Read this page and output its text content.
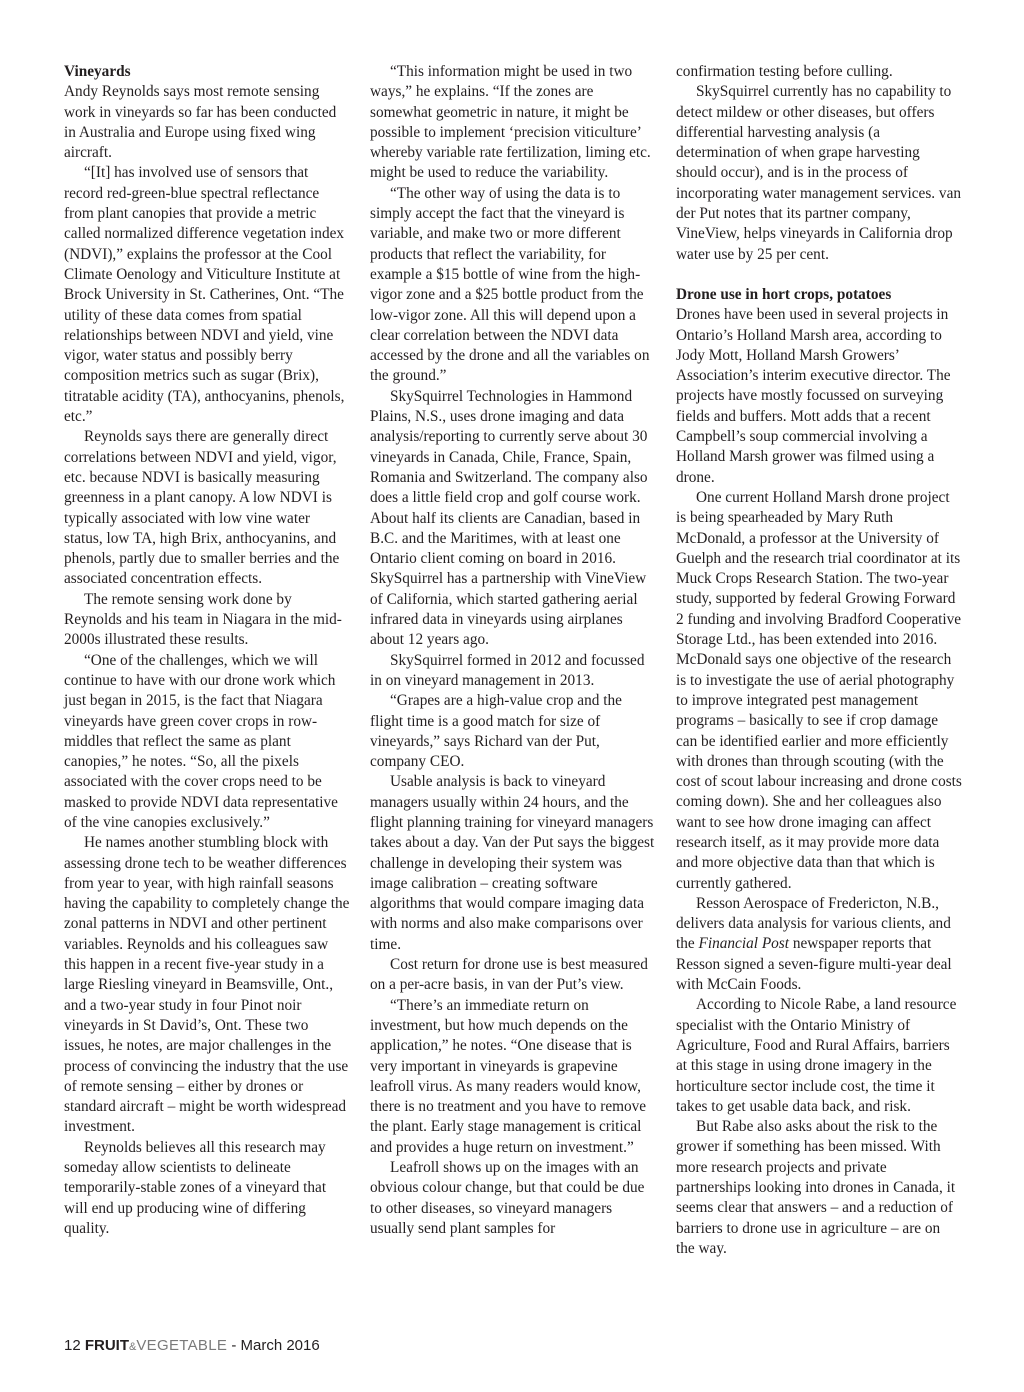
Vineyards

Andy Reynolds says most remote sensing work in vineyards so far has been conducted in Australia and Europe using fixed wing aircraft.

“[It] has involved use of sensors that record red-green-blue spectral reflectance from plant canopies that provide a metric called normalized difference vegetation index (NDVI),” explains the professor at the Cool Climate Oenology and Viticulture Institute at Brock University in St. Catherines, Ont. “The utility of these data comes from spatial relationships between NDVI and yield, vine vigor, water status and possibly berry composition metrics such as sugar (Brix), titratable acidity (TA), anthocyanins, phenols, etc.”

Reynolds says there are generally direct correlations between NDVI and yield, vigor, etc. because NDVI is basically measuring greenness in a plant canopy. A low NDVI is typically associated with low vine water status, low TA, high Brix, anthocyanins, and phenols, partly due to smaller berries and the associated concentration effects.

The remote sensing work done by Reynolds and his team in Niagara in the mid-2000s illustrated these results.

“One of the challenges, which we will continue to have with our drone work which just began in 2015, is the fact that Niagara vineyards have green cover crops in row-middles that reflect the same as plant canopies,” he notes. “So, all the pixels associated with the cover crops need to be masked to provide NDVI data representative of the vine canopies exclusively.”

He names another stumbling block with assessing drone tech to be weather differences from year to year, with high rainfall seasons having the capability to completely change the zonal patterns in NDVI and other pertinent variables. Reynolds and his colleagues saw this happen in a recent five-year study in a large Riesling vineyard in Beamsville, Ont., and a two-year study in four Pinot noir vineyards in St David’s, Ont. These two issues, he notes, are major challenges in the process of convincing the industry that the use of remote sensing – either by drones or standard aircraft – might be worth widespread investment.

Reynolds believes all this research may someday allow scientists to delineate temporarily-stable zones of a vineyard that will end up producing wine of differing quality.

“This information might be used in two ways,” he explains. “If the zones are somewhat geometric in nature, it might be possible to implement ‘precision viticulture’ whereby variable rate fertilization, liming etc. might be used to reduce the variability.

“The other way of using the data is to simply accept the fact that the vineyard is variable, and make two or more different products that reflect the variability, for example a $15 bottle of wine from the high-vigor zone and a $25 bottle product from the low-vigor zone. All this will depend upon a clear correlation between the NDVI data accessed by the drone and all the variables on the ground.”

SkySquirrel Technologies in Hammond Plains, N.S., uses drone imaging and data analysis/reporting to currently serve about 30 vineyards in Canada, Chile, France, Spain, Romania and Switzerland. The company also does a little field crop and golf course work. About half its clients are Canadian, based in B.C. and the Maritimes, with at least one Ontario client coming on board in 2016. SkySquirrel has a partnership with VineView of California, which started gathering aerial infrared data in vineyards using airplanes about 12 years ago.

SkySquirrel formed in 2012 and focussed in on vineyard management in 2013.

“Grapes are a high-value crop and the flight time is a good match for size of vineyards,” says Richard van der Put, company CEO.

Usable analysis is back to vineyard managers usually within 24 hours, and the flight planning training for vineyard managers takes about a day. Van der Put says the biggest challenge in developing their system was image calibration – creating software algorithms that would compare imaging data with norms and also make comparisons over time.

Cost return for drone use is best measured on a per-acre basis, in van der Put’s view.

“There’s an immediate return on investment, but how much depends on the application,” he notes. “One disease that is very important in vineyards is grapevine leafroll virus. As many readers would know, there is no treatment and you have to remove the plant. Early stage management is critical and provides a huge return on investment.”

Leafroll shows up on the images with an obvious colour change, but that could be due to other diseases, so vineyard managers usually send plant samples for

confirmation testing before culling.

SkySquirrel currently has no capability to detect mildew or other diseases, but offers differential harvesting analysis (a determination of when grape harvesting should occur), and is in the process of incorporating water management services. van der Put notes that its partner company, VineView, helps vineyards in California drop water use by 25 per cent.

Drone use in hort crops, potatoes

Drones have been used in several projects in Ontario’s Holland Marsh area, according to Jody Mott, Holland Marsh Growers’ Association’s interim executive director. The projects have mostly focussed on surveying fields and buffers. Mott adds that a recent Campbell’s soup commercial involving a Holland Marsh grower was filmed using a drone.

One current Holland Marsh drone project is being spearheaded by Mary Ruth McDonald, a professor at the University of Guelph and the research trial coordinator at its Muck Crops Research Station. The two-year study, supported by federal Growing Forward 2 funding and involving Bradford Cooperative Storage Ltd., has been extended into 2016. McDonald says one objective of the research is to investigate the use of aerial photography to improve integrated pest management programs – basically to see if crop damage can be identified earlier and more efficiently with drones than through scouting (with the cost of scout labour increasing and drone costs coming down). She and her colleagues also want to see how drone imaging can affect research itself, as it may provide more data and more objective data than that which is currently gathered.

Resson Aerospace of Fredericton, N.B., delivers data analysis for various clients, and the Financial Post newspaper reports that Resson signed a seven-figure multi-year deal with McCain Foods.

According to Nicole Rabe, a land resource specialist with the Ontario Ministry of Agriculture, Food and Rural Affairs, barriers at this stage in using drone imagery in the horticulture sector include cost, the time it takes to get usable data back, and risk.

But Rabe also asks about the risk to the grower if something has been missed. With more research projects and private partnerships looking into drones in Canada, it seems clear that answers – and a reduction of barriers to drone use in agriculture – are on the way.

12 FRUIT&VEGETABLE - March 2016
